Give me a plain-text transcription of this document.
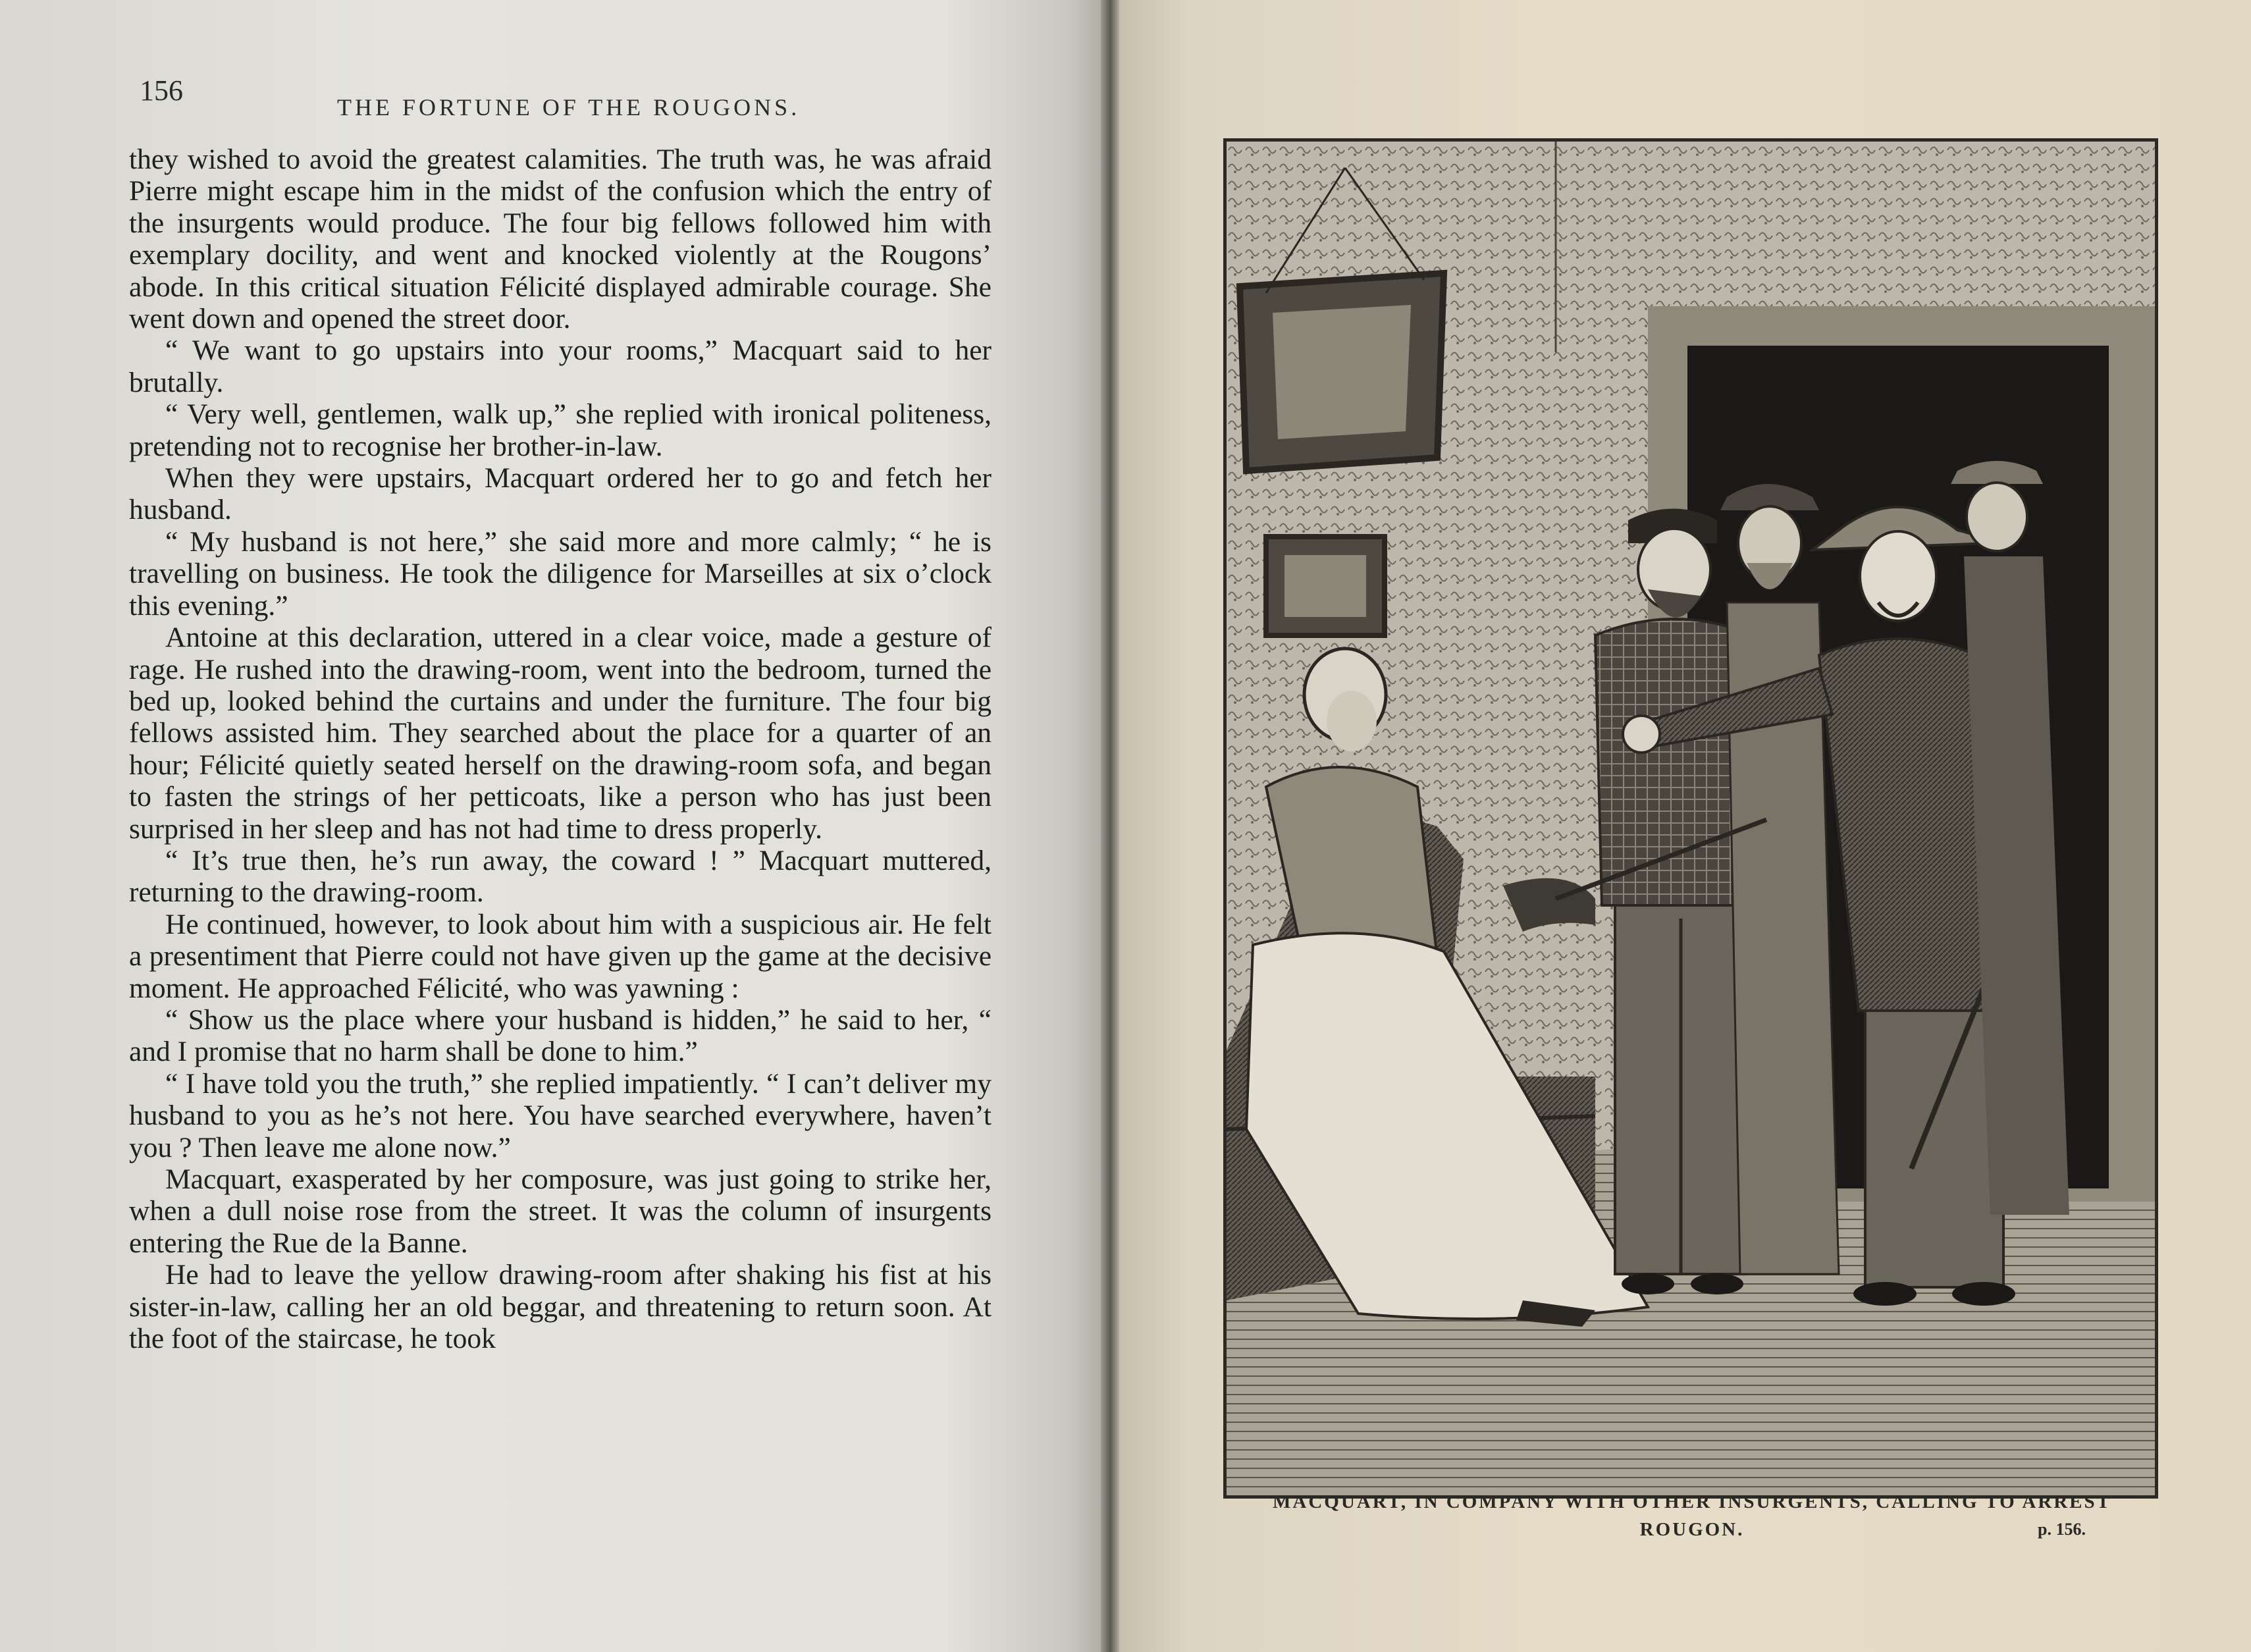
156
THE FORTUNE OF THE ROUGONS.

they wished to avoid the greatest calamities. The truth was, he was afraid Pierre might escape him in the midst of the confusion which the entry of the insurgents would produce. The four big fellows followed him with exemplary docility, and went and knocked violently at the Rougons’ abode. In this critical situation Félicité displayed admirable courage. She went down and opened the street door.

“ We want to go upstairs into your rooms,” Macquart said to her brutally.

“ Very well, gentlemen, walk up,” she replied with ironical politeness, pretending not to recognise her brother-in-law.

When they were upstairs, Macquart ordered her to go and fetch her husband.

“ My husband is not here,” she said more and more calmly; “ he is travelling on business. He took the diligence for Marseilles at six o’clock this evening.”

Antoine at this declaration, uttered in a clear voice, made a gesture of rage. He rushed into the drawing-room, went into the bedroom, turned the bed up, looked behind the curtains and under the furniture. The four big fellows assisted him. They searched about the place for a quarter of an hour; Félicité quietly seated herself on the drawing-room sofa, and began to fasten the strings of her petticoats, like a person who has just been surprised in her sleep and has not had time to dress properly.

“ It’s true then, he’s run away, the coward ! ” Macquart muttered, returning to the drawing-room.

He continued, however, to look about him with a suspicious air. He felt a presentiment that Pierre could not have given up the game at the decisive moment. He approached Félicité, who was yawning :

“ Show us the place where your husband is hidden,” he said to her, “ and I promise that no harm shall be done to him.”

“ I have told you the truth,” she replied impatiently. “ I can’t deliver my husband to you as he’s not here. You have searched everywhere, haven’t you ? Then leave me alone now.”

Macquart, exasperated by her composure, was just going to strike her, when a dull noise rose from the street. It was the column of insurgents entering the Rue de la Banne.

He had to leave the yellow drawing-room after shaking his fist at his sister-in-law, calling her an old beggar, and threatening to return soon. At the foot of the staircase, he took

MACQUART, IN COMPANY WITH OTHER INSURGENTS, CALLING TO ARREST ROUGON.	p. 156.
